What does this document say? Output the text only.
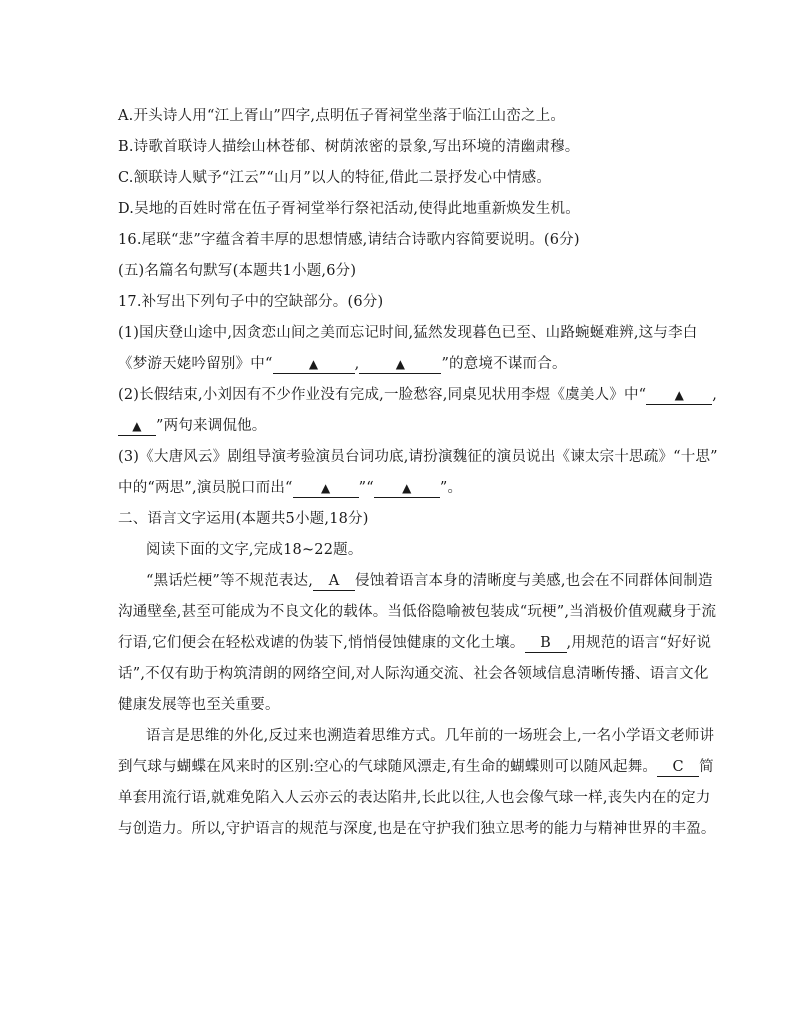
A.开头诗人用“江上胥山”四字,点明伍子胥祠堂坐落于临江山峦之上。
B.诗歌首联诗人描绘山林苍郁、树荫浓密的景象,写出环境的清幽肃穆。
C.颔联诗人赋予“江云”“山月”以人的特征,借此二景抒发心中情感。
D.吴地的百姓时常在伍子胥祠堂举行祭祀活动,使得此地重新焕发生机。
16.尾联“悲”字蕴含着丰厚的思想情感,请结合诗歌内容简要说明。(6分)
(五)名篇名句默写(本题共1小题,6分)
17.补写出下列句子中的空缺部分。(6分)
(1)国庆登山途中,因贪恋山间之美而忘记时间,猛然发现暮色已至、山路蜿蜒难辨,这与李白
《梦游天姥吟留别》中“	▲	,	▲	”的意境不谋而合。
(2)长假结束,小刘因有不少作业没有完成,一脸愁容,同桌见状用李煜《虞美人》中“ ▲ ,
▲ ”两句来调侃他。
(3)《大唐风云》剧组导演考验演员台词功底,请扮演魏征的演员说出《谏太宗十思疏》“十思”
中的“两思”,演员脱口而出“ ▲ ”“ ▲ ”。
二、语言文字运用(本题共5小题,18分)
阅读下面的文字,完成18~22题。
“黑话烂梗”等不规范表达, A 侵蚀着语言本身的清晰度与美感,也会在不同群体间制造
沟通壁垒,甚至可能成为不良文化的载体。当低俗隐喻被包装成“玩梗”,当消极价值观藏身于流
行语,它们便会在轻松戏谑的伪装下,悄悄侵蚀健康的文化土壤。 B ,用规范的语言“好好说
话”,不仅有助于构筑清朗的网络空间,对人际沟通交流、社会各领域信息清晰传播、语言文化
健康发展等也至关重要。
语言是思维的外化,反过来也溯造着思维方式。几年前的一场班会上,一名小学语文老师讲
到气球与蝴蝶在风来时的区别:空心的气球随风漂走,有生命的蝴蝶则可以随风起舞。 C 简
单套用流行语,就难免陷入人云亦云的表达陷井,长此以往,人也会像气球一样,丧失内在的定力
与创造力。所以,守护语言的规范与深度,也是在守护我们独立思考的能力与精神世界的丰盈。
